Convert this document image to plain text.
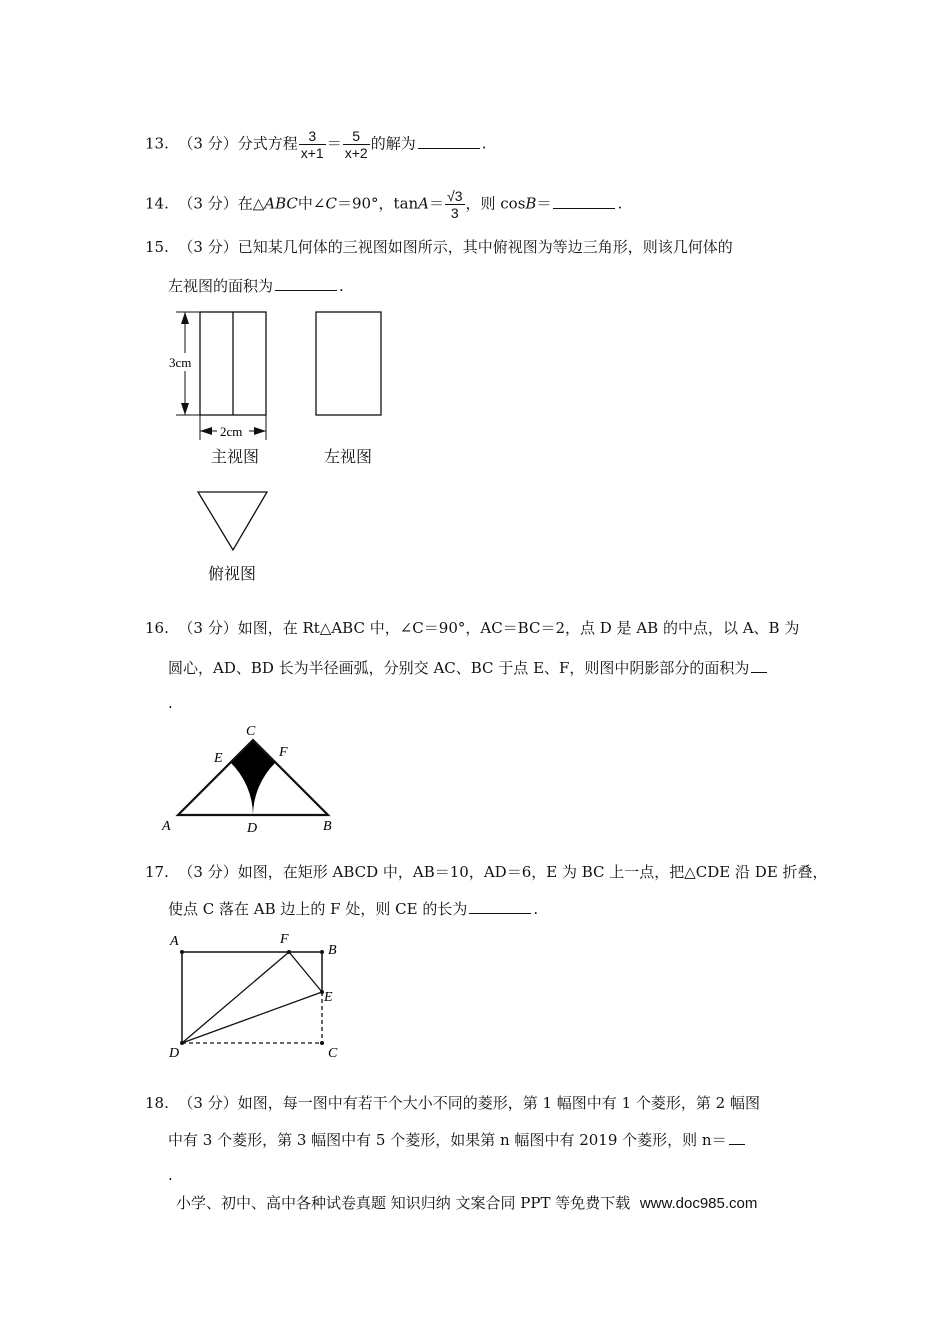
13. （3 分）分式方程 $\frac{3}{x+1} = \frac{5}{x+2}$ 的解为	.
14. （3 分）在△ABC中∠C＝90°，$\tan A= \frac{√3}{3}$ ，则 cosB＝	.
15. （3 分）已知某几何体的三视图如图所示，其中俯视图为等边三角形，则该几何体的
左视图的面积为	.
3cm
2cm
主视图	左视图
俯视图
16. （3 分）如图，在 Rt△ABC 中，∠C＝90°，AC＝BC＝2，点 D 是 AB 的中点，以 A、B 为
圆心，AD、BD 长为半径画弧，分别交 AC、BC 于点 E、F，则图中阴影部分的面积为
.
A	B
C
D
E	F
17. （3 分）如图，在矩形 ABCD 中，AB＝10，AD＝6，E 为 BC 上一点，把△CDE 沿 DE 折叠，
使点 C 落在 AB 边上的 F 处，则 CE 的长为	.
A
B
C
D
E
F
18. （3 分）如图，每一图中有若干个大小不同的菱形，第 1 幅图中有 1 个菱形，第 2 幅图
中有 3 个菱形，第 3 幅图中有 5 个菱形，如果第 n 幅图中有 2019 个菱形，则 n＝
.
小学、初中、高中各种试卷真题 知识归纳 文案合同 PPT 等免费下载 www.doc985.com
